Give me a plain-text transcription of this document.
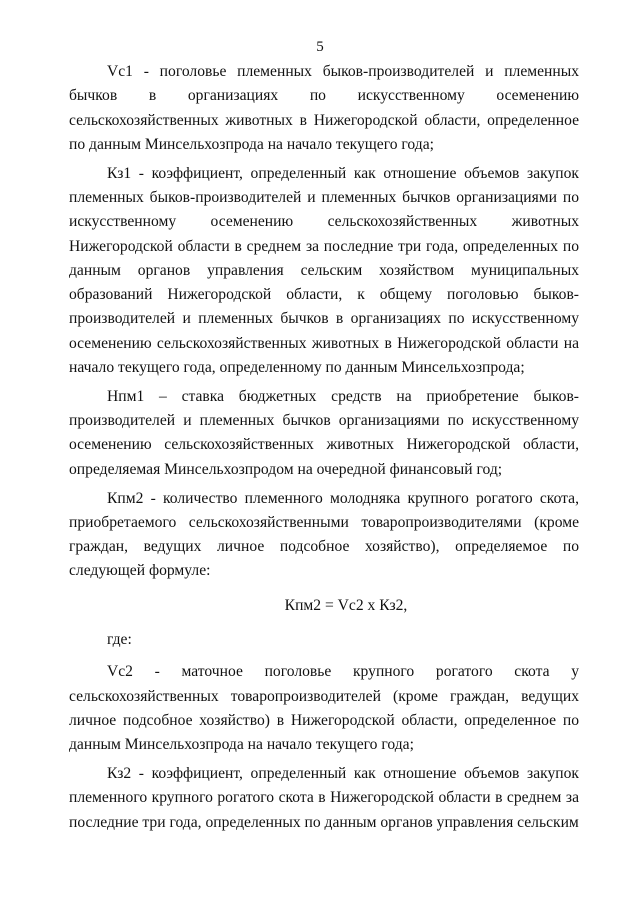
5

Vc1 - поголовье племенных быков-производителей и племенных бычков в организациях по искусственному осеменению сельскохозяйственных животных в Нижегородской области, определенное по данным Минсельхозпрода на начало текущего года;

Кз1 - коэффициент, определенный как отношение объемов закупок племенных быков-производителей и племенных бычков организациями по искусственному осеменению сельскохозяйственных животных Нижегородской области в среднем за последние три года, определенных по данным органов управления сельским хозяйством муниципальных образований Нижегородской области, к общему поголовью быков-производителей и племенных бычков в организациях по искусственному осеменению сельскохозяйственных животных в Нижегородской области на начало текущего года, определенному по данным Минсельхозпрода;

Нпм1 – ставка бюджетных средств на приобретение быков-производителей и племенных бычков организациями по искусственному осеменению сельскохозяйственных животных Нижегородской области, определяемая Минсельхозпродом на очередной финансовый год;

Кпм2 - количество племенного молодняка крупного рогатого скота, приобретаемого сельскохозяйственными товаропроизводителями (кроме граждан, ведущих личное подсобное хозяйство), определяемое по следующей формуле:

Кпм2 = Vc2 x Кз2,
где:

Vc2 - маточное поголовье крупного рогатого скота у сельскохозяйственных товаропроизводителей (кроме граждан, ведущих личное подсобное хозяйство) в Нижегородской области, определенное по данным Минсельхозпрода на начало текущего года;

Кз2 - коэффициент, определенный как отношение объемов закупок племенного крупного рогатого скота в Нижегородской области в среднем за последние три года, определенных по данным органов управления сельским
